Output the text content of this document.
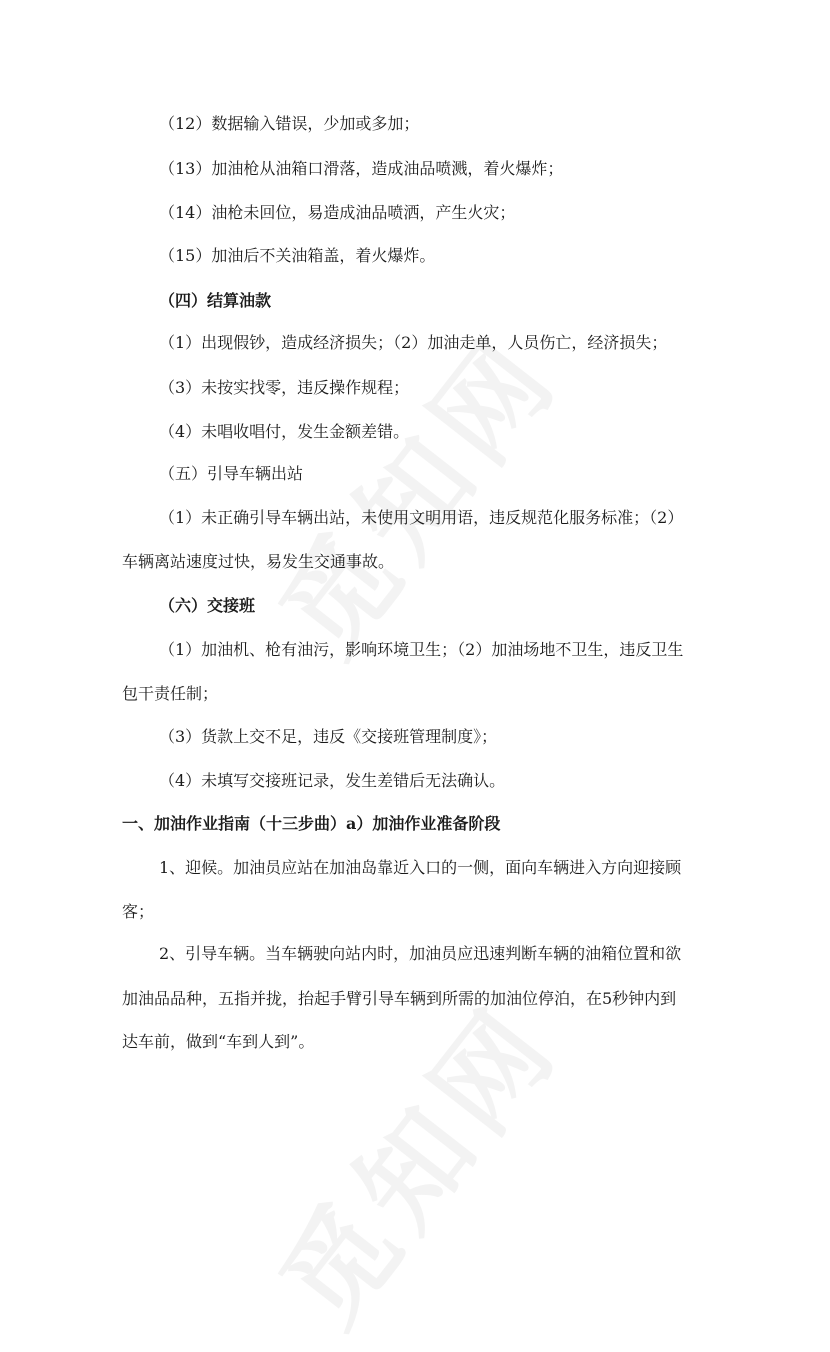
（12）数据输入错误，少加或多加；
（13）加油枪从油箱口滑落，造成油品喷溅，着火爆炸；
（14）油枪未回位，易造成油品喷洒，产生火灾；
（15）加油后不关油箱盖，着火爆炸。
（四）结算油款
（1）出现假钞，造成经济损失；（2）加油走单，人员伤亡，经济损失；
（3）未按实找零，违反操作规程；
（4）未唱收唱付，发生金额差错。
（五）引导车辆出站
（1）未正确引导车辆出站，未使用文明用语，违反规范化服务标准；（2）
车辆离站速度过快，易发生交通事故。
（六）交接班
（1）加油机、枪有油污，影响环境卫生；（2）加油场地不卫生，违反卫生
包干责任制；
（3）货款上交不足，违反《交接班管理制度》；
（4）未填写交接班记录，发生差错后无法确认。
一、加油作业指南（十三步曲）a）加油作业准备阶段
1、迎候。加油员应站在加油岛靠近入口的一侧，面向车辆进入方向迎接顾
客；
2、引导车辆。当车辆驶向站内时，加油员应迅速判断车辆的油箱位置和欲
加油品品种，五指并拢，抬起手臂引导车辆到所需的加油位停泊，在5秒钟内到
达车前，做到“车到人到”。
